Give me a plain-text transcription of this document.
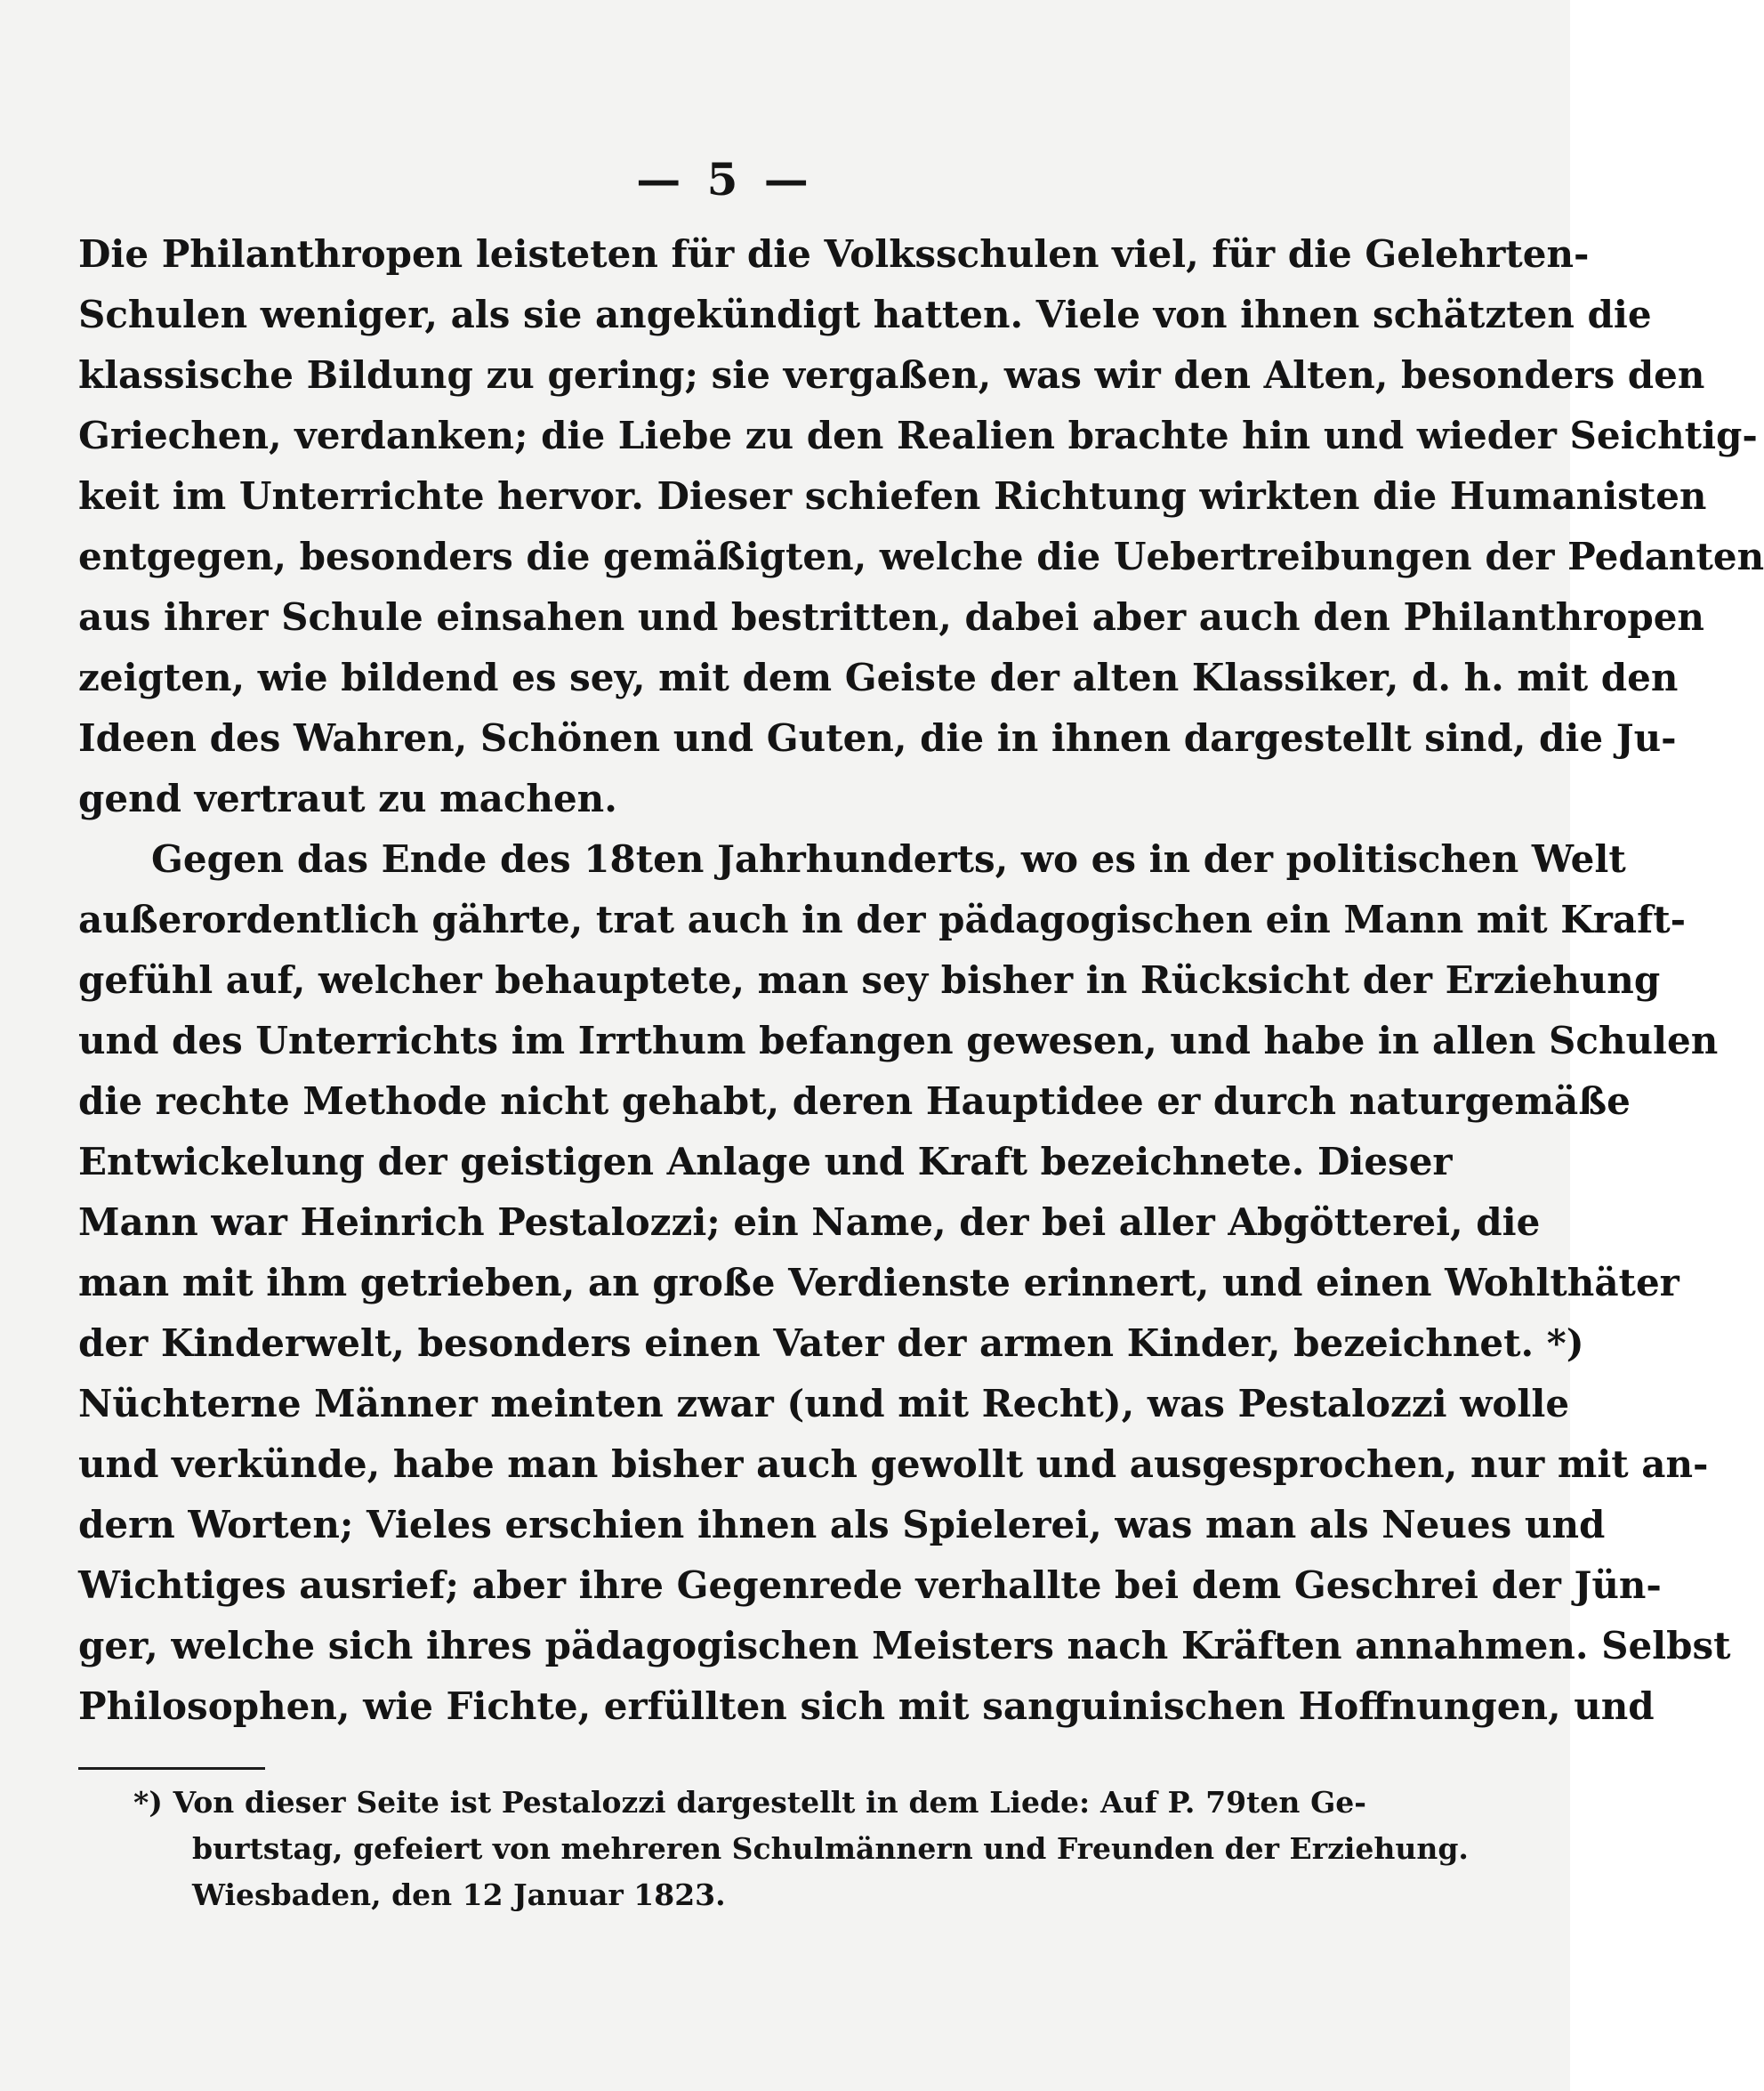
— 5 —
Die Philanthropen leisteten für die Volksschulen viel, für die Gelehrten-
Schulen weniger, als sie angekündigt hatten. Viele von ihnen schätzten die
klassische Bildung zu gering; sie vergaßen, was wir den Alten, besonders den
Griechen, verdanken; die Liebe zu den Realien brachte hin und wieder Seichtig-
keit im Unterrichte hervor. Dieser schiefen Richtung wirkten die Humanisten
entgegen, besonders die gemäßigten, welche die Uebertreibungen der Pedanten
aus ihrer Schule einsahen und bestritten, dabei aber auch den Philanthropen
zeigten, wie bildend es sey, mit dem Geiste der alten Klassiker, d. h. mit den
Ideen des Wahren, Schönen und Guten, die in ihnen dargestellt sind, die Ju-
gend vertraut zu machen.
Gegen das Ende des 18ten Jahrhunderts, wo es in der politischen Welt
außerordentlich gährte, trat auch in der pädagogischen ein Mann mit Kraft-
gefühl auf, welcher behauptete, man sey bisher in Rücksicht der Erziehung
und des Unterrichts im Irrthum befangen gewesen, und habe in allen Schulen
die rechte Methode nicht gehabt, deren Hauptidee er durch naturgemäße
Entwickelung der geistigen Anlage und Kraft bezeichnete. Dieser
Mann war Heinrich Pestalozzi; ein Name, der bei aller Abgötterei, die
man mit ihm getrieben, an große Verdienste erinnert, und einen Wohlthäter
der Kinderwelt, besonders einen Vater der armen Kinder, bezeichnet. *)
Nüchterne Männer meinten zwar (und mit Recht), was Pestalozzi wolle
und verkünde, habe man bisher auch gewollt und ausgesprochen, nur mit an-
dern Worten; Vieles erschien ihnen als Spielerei, was man als Neues und
Wichtiges ausrief; aber ihre Gegenrede verhallte bei dem Geschrei der Jün-
ger, welche sich ihres pädagogischen Meisters nach Kräften annahmen. Selbst
Philosophen, wie Fichte, erfüllten sich mit sanguinischen Hoffnungen, und
*) Von dieser Seite ist Pestalozzi dargestellt in dem Liede: Auf P. 79ten Ge-
burtstag, gefeiert von mehreren Schulmännern und Freunden der Erziehung.
Wiesbaden, den 12 Januar 1823.
